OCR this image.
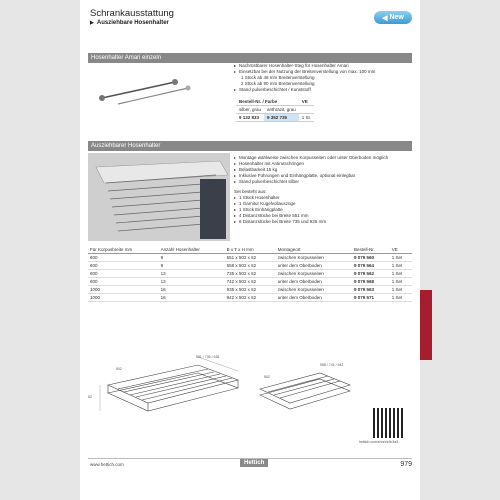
Schrankausstattung
▶ Ausziehbare Hosenhalter
◀ New
Hosenhalter Amari einzeln
▸ Nachrüstbarer Hosenhalter-Steg für Hosenhalter Amari
▸ Einsetzbar bei der Nutzung der Breitenverstellung von max. 100 mm
1 Stück ab 46 mm Breitenverstellung
2 Stück ab 90 mm Breitenverstellung
▸ Stand pulverbeschichtet / Kunststoff
Bestell-Nr. / Farbe		VE
silber, grau	anthrazit, grau	
9 132 833	9 352 735	1 St.
Ausziehbarer Hosenhalter
▸ Montage wahlweise zwischen Korpusseiten oder unter Oberboden möglich
▸ Hosenhalter mit Antirutschringen
▸ Belastbarkeit 15 kg
▸ Inklusive Führungen und Einhängplatte, optional einlegbar
▸ Stand pulverbeschichtet silber
Set besteht aus:
▸ 1 Stück Hosenhalter
▸ 1 Garnitur Kugelvollauszüge
▸ 1 Stück Einhängplatte
▸ 4 Distanzstücke bei Breite 551 mm
▸ 8 Distanzstücke bei Breite 735 und 935 mm
Für Korpusbreite mm	Anzahl Hosenhalter	B x T x H mm	Montageort	Bestell-Nr.	VE
600	9	551 x 502 x 62	zwischen Korpusseiten	9 079 560	1 Set
600	9	558 x 502 x 62	unter dem Oberboden	9 079 564	1 Set
800	13	735 x 502 x 62	zwischen Korpusseiten	9 079 562	1 Set
800	13	742 x 502 x 62	unter dem Oberboden	9 079 568	1 Set
1000	16	935 x 502 x 62	zwischen Korpusseiten	9 079 563	1 Set
1000	16	942 x 502 x 62	unter dem Oberboden	9 079 571	1 Set
551 / 735 / 935
502
62
558 / 742 / 942
502
hettich.com/short/e9c3a3
www.hettich.com	Hettich	979
